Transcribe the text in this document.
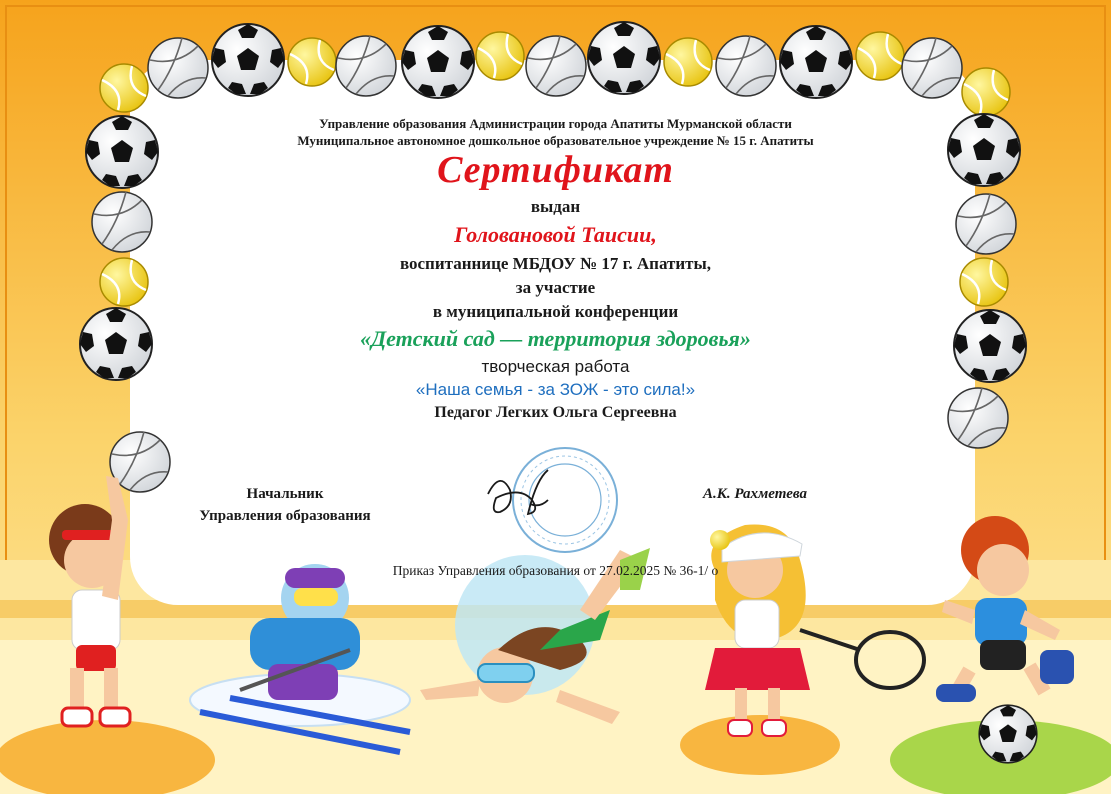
Управление образования Администрации города Апатиты Мурманской области
Муниципальное автономное дошкольное образовательное учреждение № 15 г. Апатиты
Сертификат
выдан
Головановой Таисии,
воспитаннице МБДОУ № 17 г. Апатиты,
за участие
в муниципальной конференции
«Детский сад — территория здоровья»
творческая работа
«Наша семья - за ЗОЖ - это сила!»
Педагог Легких Ольга Сергеевна
Начальник
Управления образования
А.К. Рахметева
Приказ Управления образования от 27.02.2025 № 36-1/ о
